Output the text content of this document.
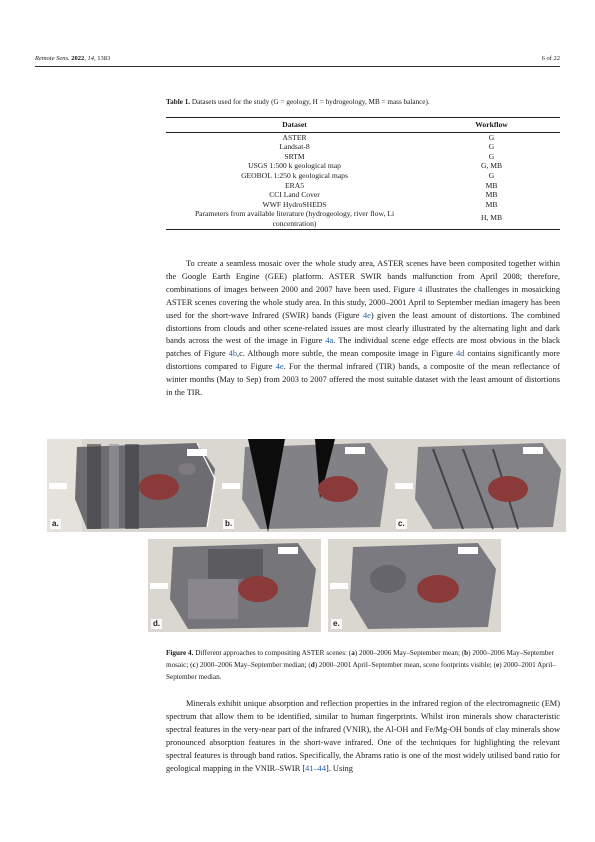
Remote Sens. 2022, 14, 1383	6 of 22
Table 1. Datasets used for the study (G = geology, H = hydrogeology, MB = mass balance).
Dataset	Workflow
ASTER	G
Landsat-8	G
SRTM	G
USGS 1:500 k geological map	G, MB
GEOBOL 1:250 k geological maps	G
ERA5	MB
CCI Land Cover	MB
WWF HydroSHEDS	MB
Parameters from available literature (hydrogeology, river flow, Li concentration)	H, MB

To create a seamless mosaic over the whole study area, ASTER scenes have been composited together within the Google Earth Engine (GEE) platform. ASTER SWIR bands malfunction from April 2008; therefore, combinations of images between 2000 and 2007 have been used. Figure 4 illustrates the challenges in mosaicking ASTER scenes covering the whole study area. In this study, 2000–2001 April to September median imagery has been used for the short-wave Infrared (SWIR) bands (Figure 4e) given the least amount of distortions. The combined distortions from clouds and other scene-related issues are most clearly illustrated by the alternating light and dark bands across the west of the image in Figure 4a. The individual scene edge effects are most obvious in the black patches of Figure 4b,c. Although more subtle, the mean composite image in Figure 4d contains significantly more distortions compared to Figure 4e. For the thermal infrared (TIR) bands, a composite of the mean reflectance of winter months (May to Sep) from 2003 to 2007 offered the most suitable dataset with the least amount of distortions in the TIR.

a.	b.	c.
d.	e.
Figure 4. Different approaches to compositing ASTER scenes: (a) 2000–2006 May–September mean; (b) 2000–2006 May–September mosaic; (c) 2000–2006 May–September median; (d) 2000–2001 April–September mean, scene footprints visible; (e) 2000–2001 April–September median.

Minerals exhibit unique absorption and reflection properties in the infrared region of the electromagnetic (EM) spectrum that allow them to be identified, similar to human fingerprints. Whilst iron minerals show characteristic spectral features in the very-near part of the infrared (VNIR), the Al-OH and Fe/Mg-OH bonds of clay minerals show pronounced absorption features in the short-wave infrared. One of the techniques for highlighting the relevant spectral features is through band ratios. Specifically, the Abrams ratio is one of the most widely utilised band ratio for geological mapping in the VNIR–SWIR [41–44]. Using
